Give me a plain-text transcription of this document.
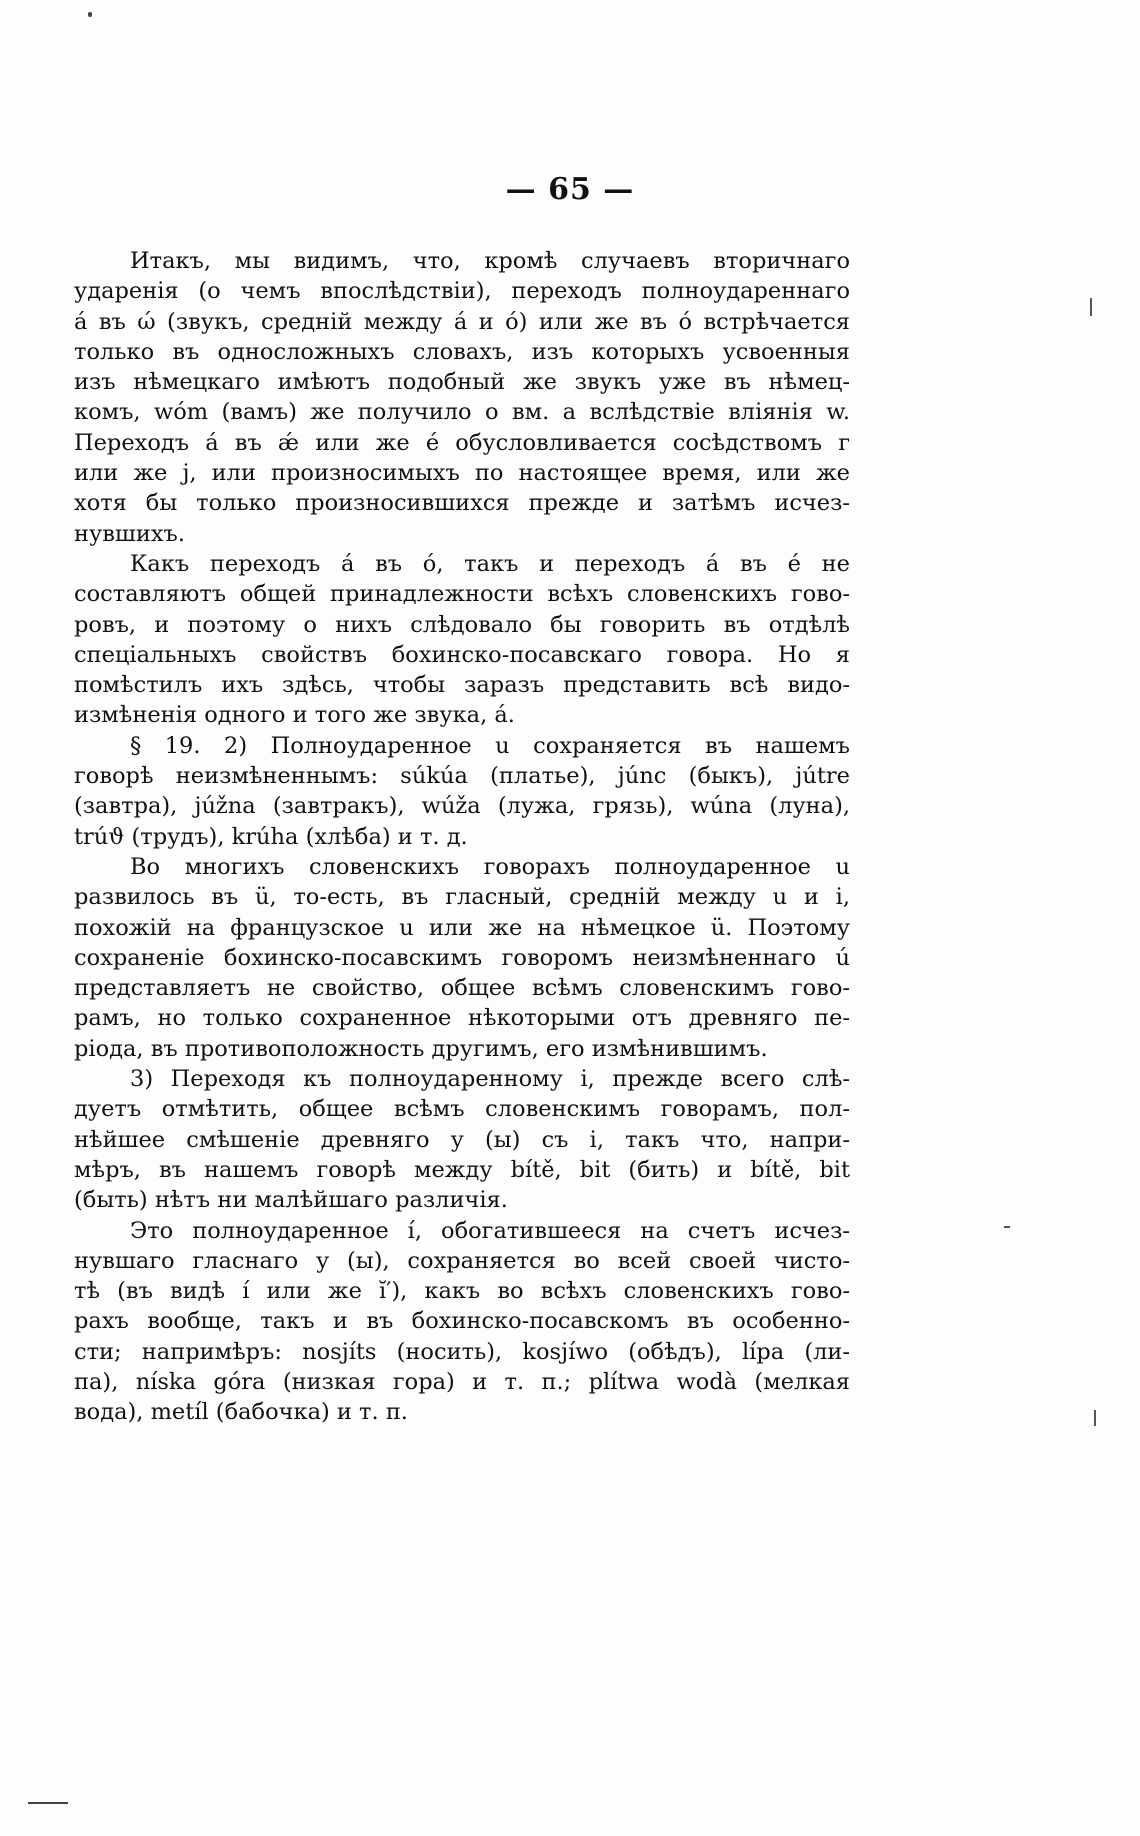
— 65 —
Итакъ, мы видимъ, что, кромѣ случаевъ вторичнаго
ударенія (о чемъ впослѣдствіи), переходъ полноудареннаго
á въ ώ (звукъ, средній между á и ó) или же въ ó встрѣчается
только въ односложныхъ словахъ, изъ которыхъ усвоенныя
изъ нѣмецкаго имѣютъ подобный же звукъ уже въ нѣмец-
комъ, wóm (вамъ) же получило о вм. а вслѣдствіе вліянія w.
Переходъ á въ ǽ или же é обусловливается сосѣдствомъ г
или же j, или произносимыхъ по настоящее время, или же
хотя бы только произносившихся прежде и затѣмъ исчез-
нувшихъ.
Какъ переходъ á въ ó, такъ и переходъ á въ é не
составляютъ общей принадлежности всѣхъ словенскихъ гово-
ровъ, и поэтому о нихъ слѣдовало бы говорить въ отдѣлѣ
спеціальныхъ свойствъ бохинско-посавскаго говора. Но я
помѣстилъ ихъ здѣсь, чтобы заразъ представить всѣ видо-
измѣненія одного и того же звука, á.
§ 19. 2) Полноударенное u сохраняется въ нашемъ
говорѣ неизмѣненнымъ: súkúa (платье), júnc (быкъ), jútre
(завтра), júžna (завтракъ), wúža (лужа, грязь), wúna (луна),
trúϑ (трудъ), krúha (хлѣба) и т. д.
Во многихъ словенскихъ говорахъ полноударенное u
развилось въ ü, то-есть, въ гласный, средній между u и i,
похожій на французское u или же на нѣмецкое ü. Поэтому
сохраненіе бохинско-посавскимъ говоромъ неизмѣненнаго ú
представляетъ не свойство, общее всѣмъ словенскимъ гово-
рамъ, но только сохраненное нѣкоторыми отъ древняго пе-
ріода, въ противоположность другимъ, его измѣнившимъ.
3) Переходя къ полноударенному i, прежде всего слѣ-
дуетъ отмѣтить, общее всѣмъ словенскимъ говорамъ, пол-
нѣйшее смѣшеніе древняго у (ы) съ i, такъ что, напри-
мѣръ, въ нашемъ говорѣ между bítě, bit (бить) и bítě, bit
(быть) нѣтъ ни малѣйшаго различія.
Это полноударенное í, обогатившееся на счетъ исчез-
нувшаго гласнаго у (ы), сохраняется во всей своей чисто-
тѣ (въ видѣ í или же ı̆′), какъ во всѣхъ словенскихъ гово-
рахъ вообще, такъ и въ бохинско-посавскомъ въ особенно-
сти; напримѣръ: nosjíts (носить), kosjíwo (обѣдъ), lípa (ли-
па), níska góra (низкая гора) и т. п.; plítwa wodà (мелкая
вода), metíl (бабочка) и т. п.
